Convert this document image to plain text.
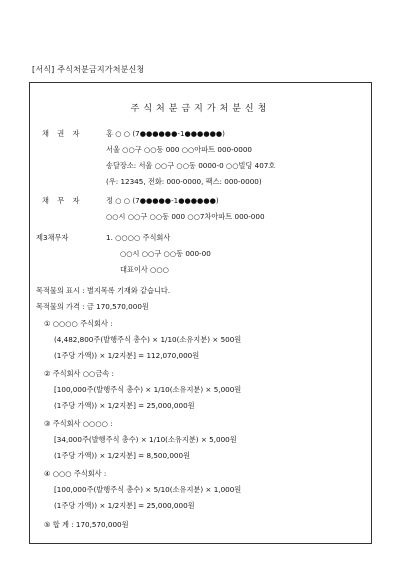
[서식] 주식처분금지가처분신청
주식처분금지가처분신청
채 권 자	홍 ○ ○ (7●●●●●●-1●●●●●●)
서울 ○○구 ○○동 000 ○○아파트 000-0000
송달장소: 서울 ○○구 ○○동 0000-0 ○○빌딩 407호
(우: 12345, 전화: 000-0000, 팩스: 000-0000)
채 무 자	정 ○ ○ (7●●●●●-1●●●●●●)
○○시 ○○구 ○○동 000 ○○7차아파트 000-000
제3채무자	1. ○○○○ 주식회사
○○시 ○○구 ○○동 000-00
대표이사 ○○○
목적물의 표시 : 별지목록 기재와 같습니다.
목적물의 가격 : 금 170,570,000원
① ○○○○ 주식회사 :
(4,482,800주(발행주식 총수) × 1/10(소유지분) × 500원
(1주당 가액)) × 1/2지분] = 112,070,000원
② 주식회사 ○○금속 :
[100,000주(발행주식 총수) × 1/10(소유지분) × 5,000원
(1주당 가액)) × 1/2지분] = 25,000,000원
③ 주식회사 ○○○○ :
[34,000주(발행주식 총수) × 1/10(소유지분) × 5,000원
(1주당 가액)) × 1/2지분] = 8,500,000원
④ ○○○ 주식회사 :
[100,000주(발행주식 총수) × 5/10(소유지분) × 1,000원
(1주당 가액)) × 1/2지분] = 25,000,000원
⑤ 합 계 : 170,570,000원
